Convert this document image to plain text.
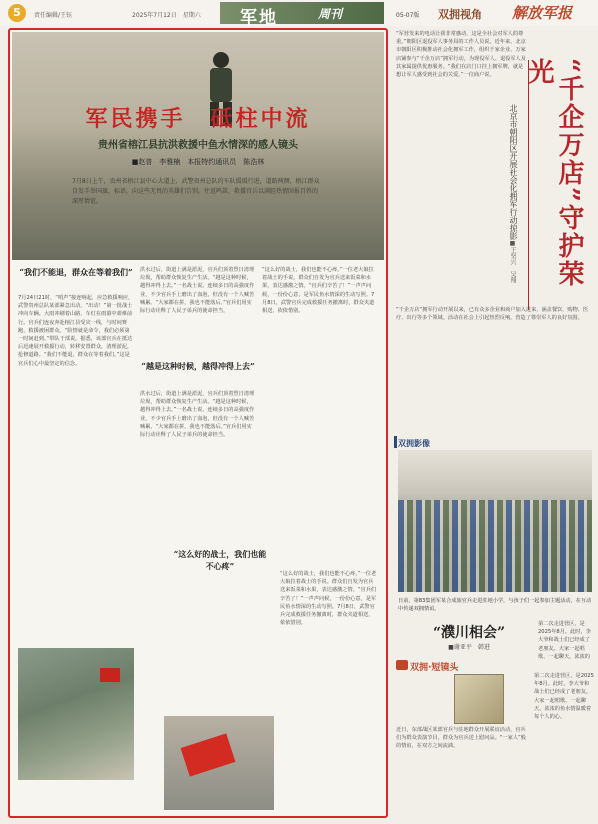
5	责任编辑/王钰	2025年7月12日　星期六 军地	周刊	05-07版 双拥视角 解放军报
军民携手　砥柱中流
贵州省榕江县抗洪救援中鱼水情深的感人镜头
■赵普　李雅楠　本报特约通讯员　陈浩林
7月8日上午，贵州省榕江县中心大道上，武警贵州总队的车队缓缓行进，道路两侧，榕江群众自发手举国旗、标语，向这些无畏的英雄们告别。往返鸣笛，救援官兵以满腔热情回报百姓的深厚情谊。
“我们不能退，群众在等着我们”

7月24日21时，“哨声”接连响起，应急救援响应，武警贵州总队某部紧急出动。“出动！”第一批战士冲向车辆。大雨冲刷着山路，车灯在雨幕中艰难前行。官兵们连夜奔赴榕江县受灾一线，与时间赛跑，救援被困群众。“险情就是命令，我们必须第一时间赶到。”带队干部说。据悉，该部官兵在抵达后迅速展开救援行动，转移安置群众，清理淤泥，抢修道路。“我们不能退，群众在等着我们。”这是官兵们心中最坚定的信念。

洪水过后，街道上满是淤泥，官兵们顶着烈日清理垃圾，帮助群众恢复生产生活。“越是这种时候，越得冲得上去。”一名战士说。连续多日的高强度作业，不少官兵手上磨出了血泡，但没有一个人喊苦喊累。“大家都在拼，我也不能落后。”官兵们用实际行动诠释了人民子弟兵的使命担当。

“越是这种时候，越得冲得上去”

洪水过后，街道上满是淤泥，官兵们顶着烈日清理垃圾，帮助群众恢复生产生活。“越是这种时候，越得冲得上去。”一名战士说。连续多日的高强度作业，不少官兵手上磨出了血泡，但没有一个人喊苦喊累。“大家都在拼，我也不能落后。”官兵们用实际行动诠释了人民子弟兵的使命担当。

“这么好的战士，我们也能不心疼。”一位老大娘拉着战士的手说。群众们自发为官兵送来饭菜和水果，表达感激之情。“官兵们辛苦了！”一声声问候，一份份心意，是军民鱼水情深的生动写照。7月8日，武警官兵完成救援任务撤离时，群众夹道相送，依依惜别。

“这么好的战士，我们也能不心疼”

“这么好的战士，我们也能不心疼。”一位老大娘拉着战士的手说。群众们自发为官兵送来饭菜和水果，表达感激之情。“官兵们辛苦了！”一声声问候，一份份心意，是军民鱼水情深的生动写照。7月8日，武警官兵完成救援任务撤离时，群众夹道相送，依依惜别。

“军营发来的电话让我非常感动，这是全社会对军人的尊重。”朝阳区退役军人事务局的工作人员说。近年来，北京市朝阳区积极推动社会化拥军工作，组织千家企业、万家店铺参与“千企万店”拥军行动，为现役军人、退役军人及其家属提供优惠服务。“我们在店门口挂上拥军牌，就是想让军人感受到社会的关爱。”一位商户说。	“千企万店”守护荣光
北京市朝阳区开展社会化拥军行动掠影
■王坚兴　吴翔
“千企万店”拥军行动开展以来，已有众多企业和商户加入进来，涵盖餐饮、购物、医疗、出行等多个领域。活动在社会上引起热烈反响，营造了尊崇军人的良好氛围。
双拥影像
日前，第83集团军某合成旅官兵走进驻地小学，与孩子们一起参加主题活动，在互动中传递双拥情谊。
“濮川相会”
■谢亚平　韩进
第二次走进营区，是2025年8月。此时，李大爷和战士们已经成了老朋友。大家一起唱歌、一起聊天，浓浓的
双拥·短镜头
近日，东部战区某部官兵与驻地群众开展联谊活动，官兵们为群众表演节目，群众为官兵送上慰问品。“一家人”般的情谊，在双方之间流淌。
第二次走进营区，是2025年8月。此时，李大爷和战士们已经成了老朋友。大家一起唱歌、一起聊天，浓浓的鱼水情温暖着每个人的心。
